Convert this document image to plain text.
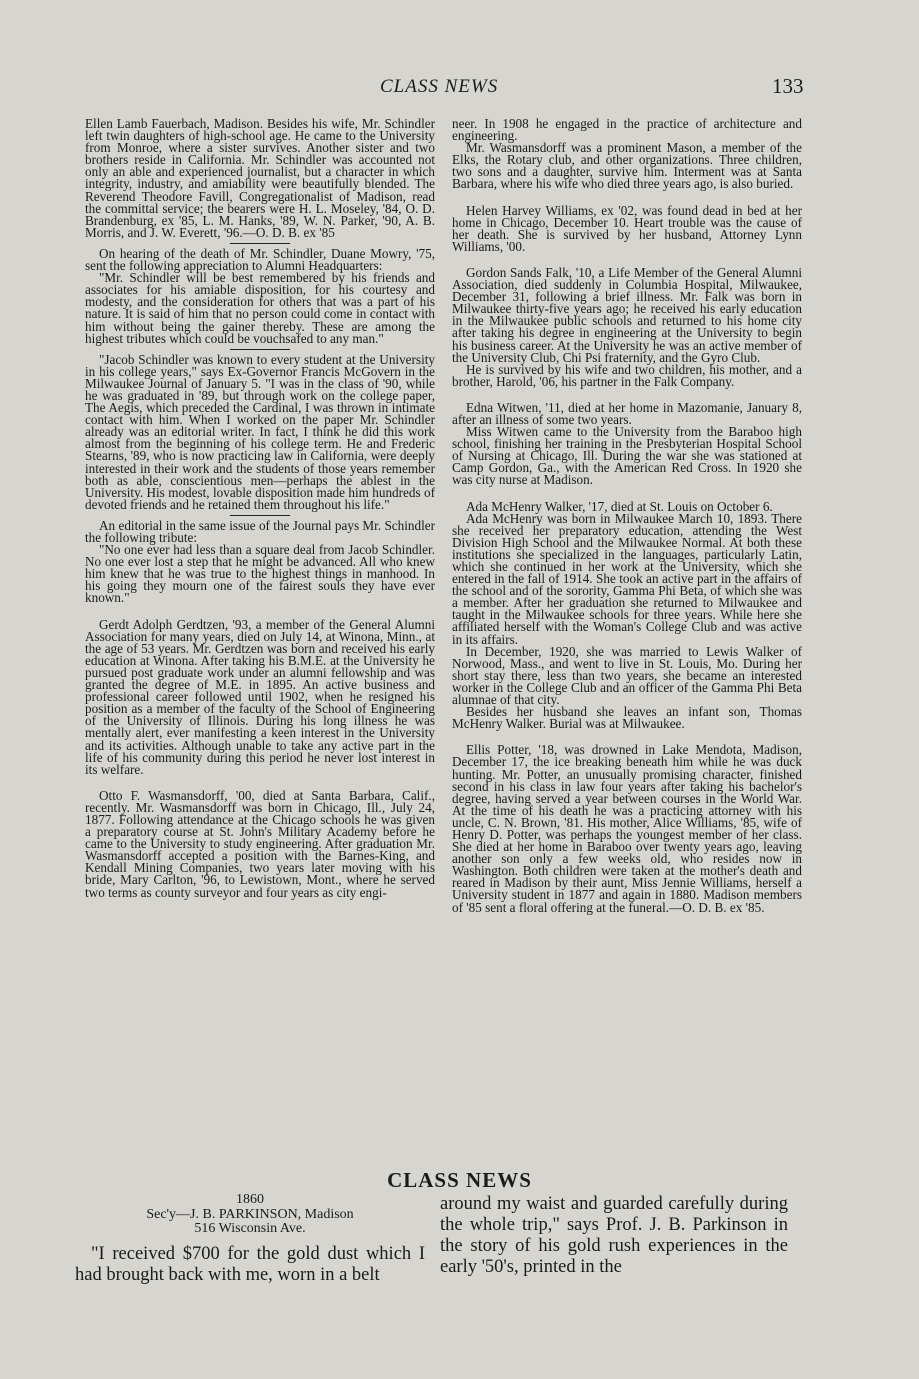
CLASS NEWS	133

Ellen Lamb Fauerbach, Madison. Besides his wife, Mr. Schindler left twin daughters of high-school age. He came to the University from Monroe, where a sister survives. Another sister and two brothers reside in California. Mr. Schindler was accounted not only an able and experienced journalist, but a character in which integrity, industry, and amiability were beautifully blended. The Reverend Theodore Favill, Congregationalist of Madison, read the committal service; the bearers were H. L. Moseley, '84, O. D. Brandenburg, ex '85, L. M. Hanks, '89, W. N. Parker, '90, A. B. Morris, and J. W. Everett, '96.—O. D. B. ex '85

On hearing of the death of Mr. Schindler, Duane Mowry, '75, sent the following appreciation to Alumni Headquarters:

"Mr. Schindler will be best remembered by his friends and associates for his amiable disposition, for his courtesy and modesty, and the consideration for others that was a part of his nature. It is said of him that no person could come in contact with him without being the gainer thereby. These are among the highest tributes which could be vouchsafed to any man."

"Jacob Schindler was known to every student at the University in his college years," says Ex-Governor Francis McGovern in the Milwaukee Journal of January 5. "I was in the class of '90, while he was graduated in '89, but through work on the college paper, The Aegis, which preceded the Cardinal, I was thrown in intimate contact with him. When I worked on the paper Mr. Schindler already was an editorial writer. In fact, I think he did this work almost from the beginning of his college term. He and Frederic Stearns, '89, who is now practicing law in California, were deeply interested in their work and the students of those years remember both as able, conscientious men—perhaps the ablest in the University. His modest, lovable disposition made him hundreds of devoted friends and he retained them throughout his life."

An editorial in the same issue of the Journal pays Mr. Schindler the following tribute:

"No one ever had less than a square deal from Jacob Schindler. No one ever lost a step that he might be advanced. All who knew him knew that he was true to the highest things in manhood. In his going they mourn one of the fairest souls they have ever known."

Gerdt Adolph Gerdtzen, '93, a member of the General Alumni Association for many years, died on July 14, at Winona, Minn., at the age of 53 years. Mr. Gerdtzen was born and received his early education at Winona. After taking his B.M.E. at the University he pursued post graduate work under an alumni fellowship and was granted the degree of M.E. in 1895. An active business and professional career followed until 1902, when he resigned his position as a member of the faculty of the School of Engineering of the University of Illinois. During his long illness he was mentally alert, ever manifesting a keen interest in the University and its activities. Although unable to take any active part in the life of his community during this period he never lost interest in its welfare.

Otto F. Wasmansdorff, '00, died at Santa Barbara, Calif., recently. Mr. Wasmansdorff was born in Chicago, Ill., July 24, 1877. Following attendance at the Chicago schools he was given a preparatory course at St. John's Military Academy before he came to the University to study engineering. After graduation Mr. Wasmansdorff accepted a position with the Barnes-King, and Kendall Mining Companies, two years later moving with his bride, Mary Carlton, '96, to Lewistown, Mont., where he served two terms as county surveyor and four years as city engi-

neer. In 1908 he engaged in the practice of architecture and engineering.

Mr. Wasmansdorff was a prominent Mason, a member of the Elks, the Rotary club, and other organizations. Three children, two sons and a daughter, survive him. Interment was at Santa Barbara, where his wife who died three years ago, is also buried.

Helen Harvey Williams, ex '02, was found dead in bed at her home in Chicago, December 10. Heart trouble was the cause of her death. She is survived by her husband, Attorney Lynn Williams, '00.

Gordon Sands Falk, '10, a Life Member of the General Alumni Association, died suddenly in Columbia Hospital, Milwaukee, December 31, following a brief illness. Mr. Falk was born in Milwaukee thirty-five years ago; he received his early education in the Milwaukee public schools and returned to his home city after taking his degree in engineering at the University to begin his business career. At the University he was an active member of the University Club, Chi Psi fraternity, and the Gyro Club.

He is survived by his wife and two children, his mother, and a brother, Harold, '06, his partner in the Falk Company.

Edna Witwen, '11, died at her home in Mazomanie, January 8, after an illness of some two years.

Miss Witwen came to the University from the Baraboo high school, finishing her training in the Presbyterian Hospital School of Nursing at Chicago, Ill. During the war she was stationed at Camp Gordon, Ga., with the American Red Cross. In 1920 she was city nurse at Madison.

Ada McHenry Walker, '17, died at St. Louis on October 6.

Ada McHenry was born in Milwaukee March 10, 1893. There she received her preparatory education, attending the West Division High School and the Milwaukee Normal. At both these institutions she specialized in the languages, particularly Latin, which she continued in her work at the University, which she entered in the fall of 1914. She took an active part in the affairs of the school and of the sorority, Gamma Phi Beta, of which she was a member. After her graduation she returned to Milwaukee and taught in the Milwaukee schools for three years. While here she affiliated herself with the Woman's College Club and was active in its affairs.

In December, 1920, she was married to Lewis Walker of Norwood, Mass., and went to live in St. Louis, Mo. During her short stay there, less than two years, she became an interested worker in the College Club and an officer of the Gamma Phi Beta alumnae of that city.

Besides her husband she leaves an infant son, Thomas McHenry Walker. Burial was at Milwaukee.

Ellis Potter, '18, was drowned in Lake Mendota, Madison, December 17, the ice breaking beneath him while he was duck hunting. Mr. Potter, an unusually promising character, finished second in his class in law four years after taking his bachelor's degree, having served a year between courses in the World War. At the time of his death he was a practicing attorney with his uncle, C. N. Brown, '81. His mother, Alice Williams, '85, wife of Henry D. Potter, was perhaps the youngest member of her class. She died at her home in Baraboo over twenty years ago, leaving another son only a few weeks old, who resides now in Washington. Both children were taken at the mother's death and reared in Madison by their aunt, Miss Jennie Williams, herself a University student in 1877 and again in 1880. Madison members of '85 sent a floral offering at the funeral.—O. D. B. ex '85.

CLASS NEWS
1860
Sec'y—J. B. PARKINSON, Madison
516 Wisconsin Ave.

"I received $700 for the gold dust which I had brought back with me, worn in a belt

around my waist and guarded carefully during the whole trip," says Prof. J. B. Parkinson in the story of his gold rush experiences in the early '50's, printed in the
